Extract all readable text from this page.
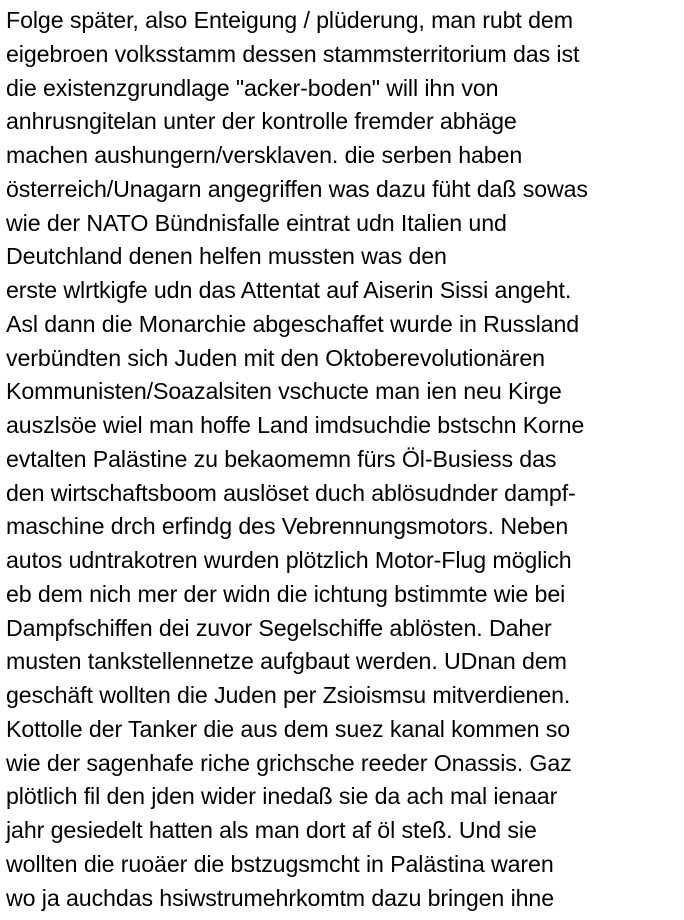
Folge später, also Enteigung / plüderung, man rubt dem
eigebroen volksstamm dessen stammsterritorium das ist
die existenzgrundlage "acker-boden" will ihn von
anhrusngitelan unter der kontrolle fremder abhäge
machen aushungern/versklaven. die serben haben
österreich/Unagarn angegriffen was dazu füht daß sowas
wie der NATO Bündnisfalle eintrat udn Italien und
Deutchland denen helfen mussten was den
erste wlrtkigfe udn das Attentat auf Aiserin Sissi angeht.
Asl dann die Monarchie abgeschaffet wurde in Russland
verbündten sich Juden mit den Oktoberevolutionären
Kommunisten/Soazalsiten vschucte man ien neu Kirge
auszlsöe wiel man hoffe Land imdsuchdie bstschn Korne
evtalten Palästine zu bekaomemn fürs Öl-Busiess das
den wirtschaftsboom auslöset duch ablösudnder dampf-
maschine drch erfindg des Vebrennungsmotors. Neben
autos udntrakotren wurden plötzlich Motor-Flug möglich
eb dem nich mer der widn die ichtung bstimmte wie bei
Dampfschiffen dei zuvor Segelschiffe ablösten. Daher
musten tankstellennetze aufgbaut werden. UDnan dem
geschäft wollten die Juden per Zsioismsu mitverdienen.
Kottolle der Tanker die aus dem suez kanal kommen so
wie der sagenhafe riche grichsche reeder Onassis. Gaz
plötlich fil den jden wider inedaß sie da ach mal ienaar
jahr gesiedelt hatten als man dort af öl steß. Und sie
wollten die ruoäer die bstzugsmcht in Palästina waren
wo ja auchdas hsiwstrumehrkomtm dazu bringen ihne
